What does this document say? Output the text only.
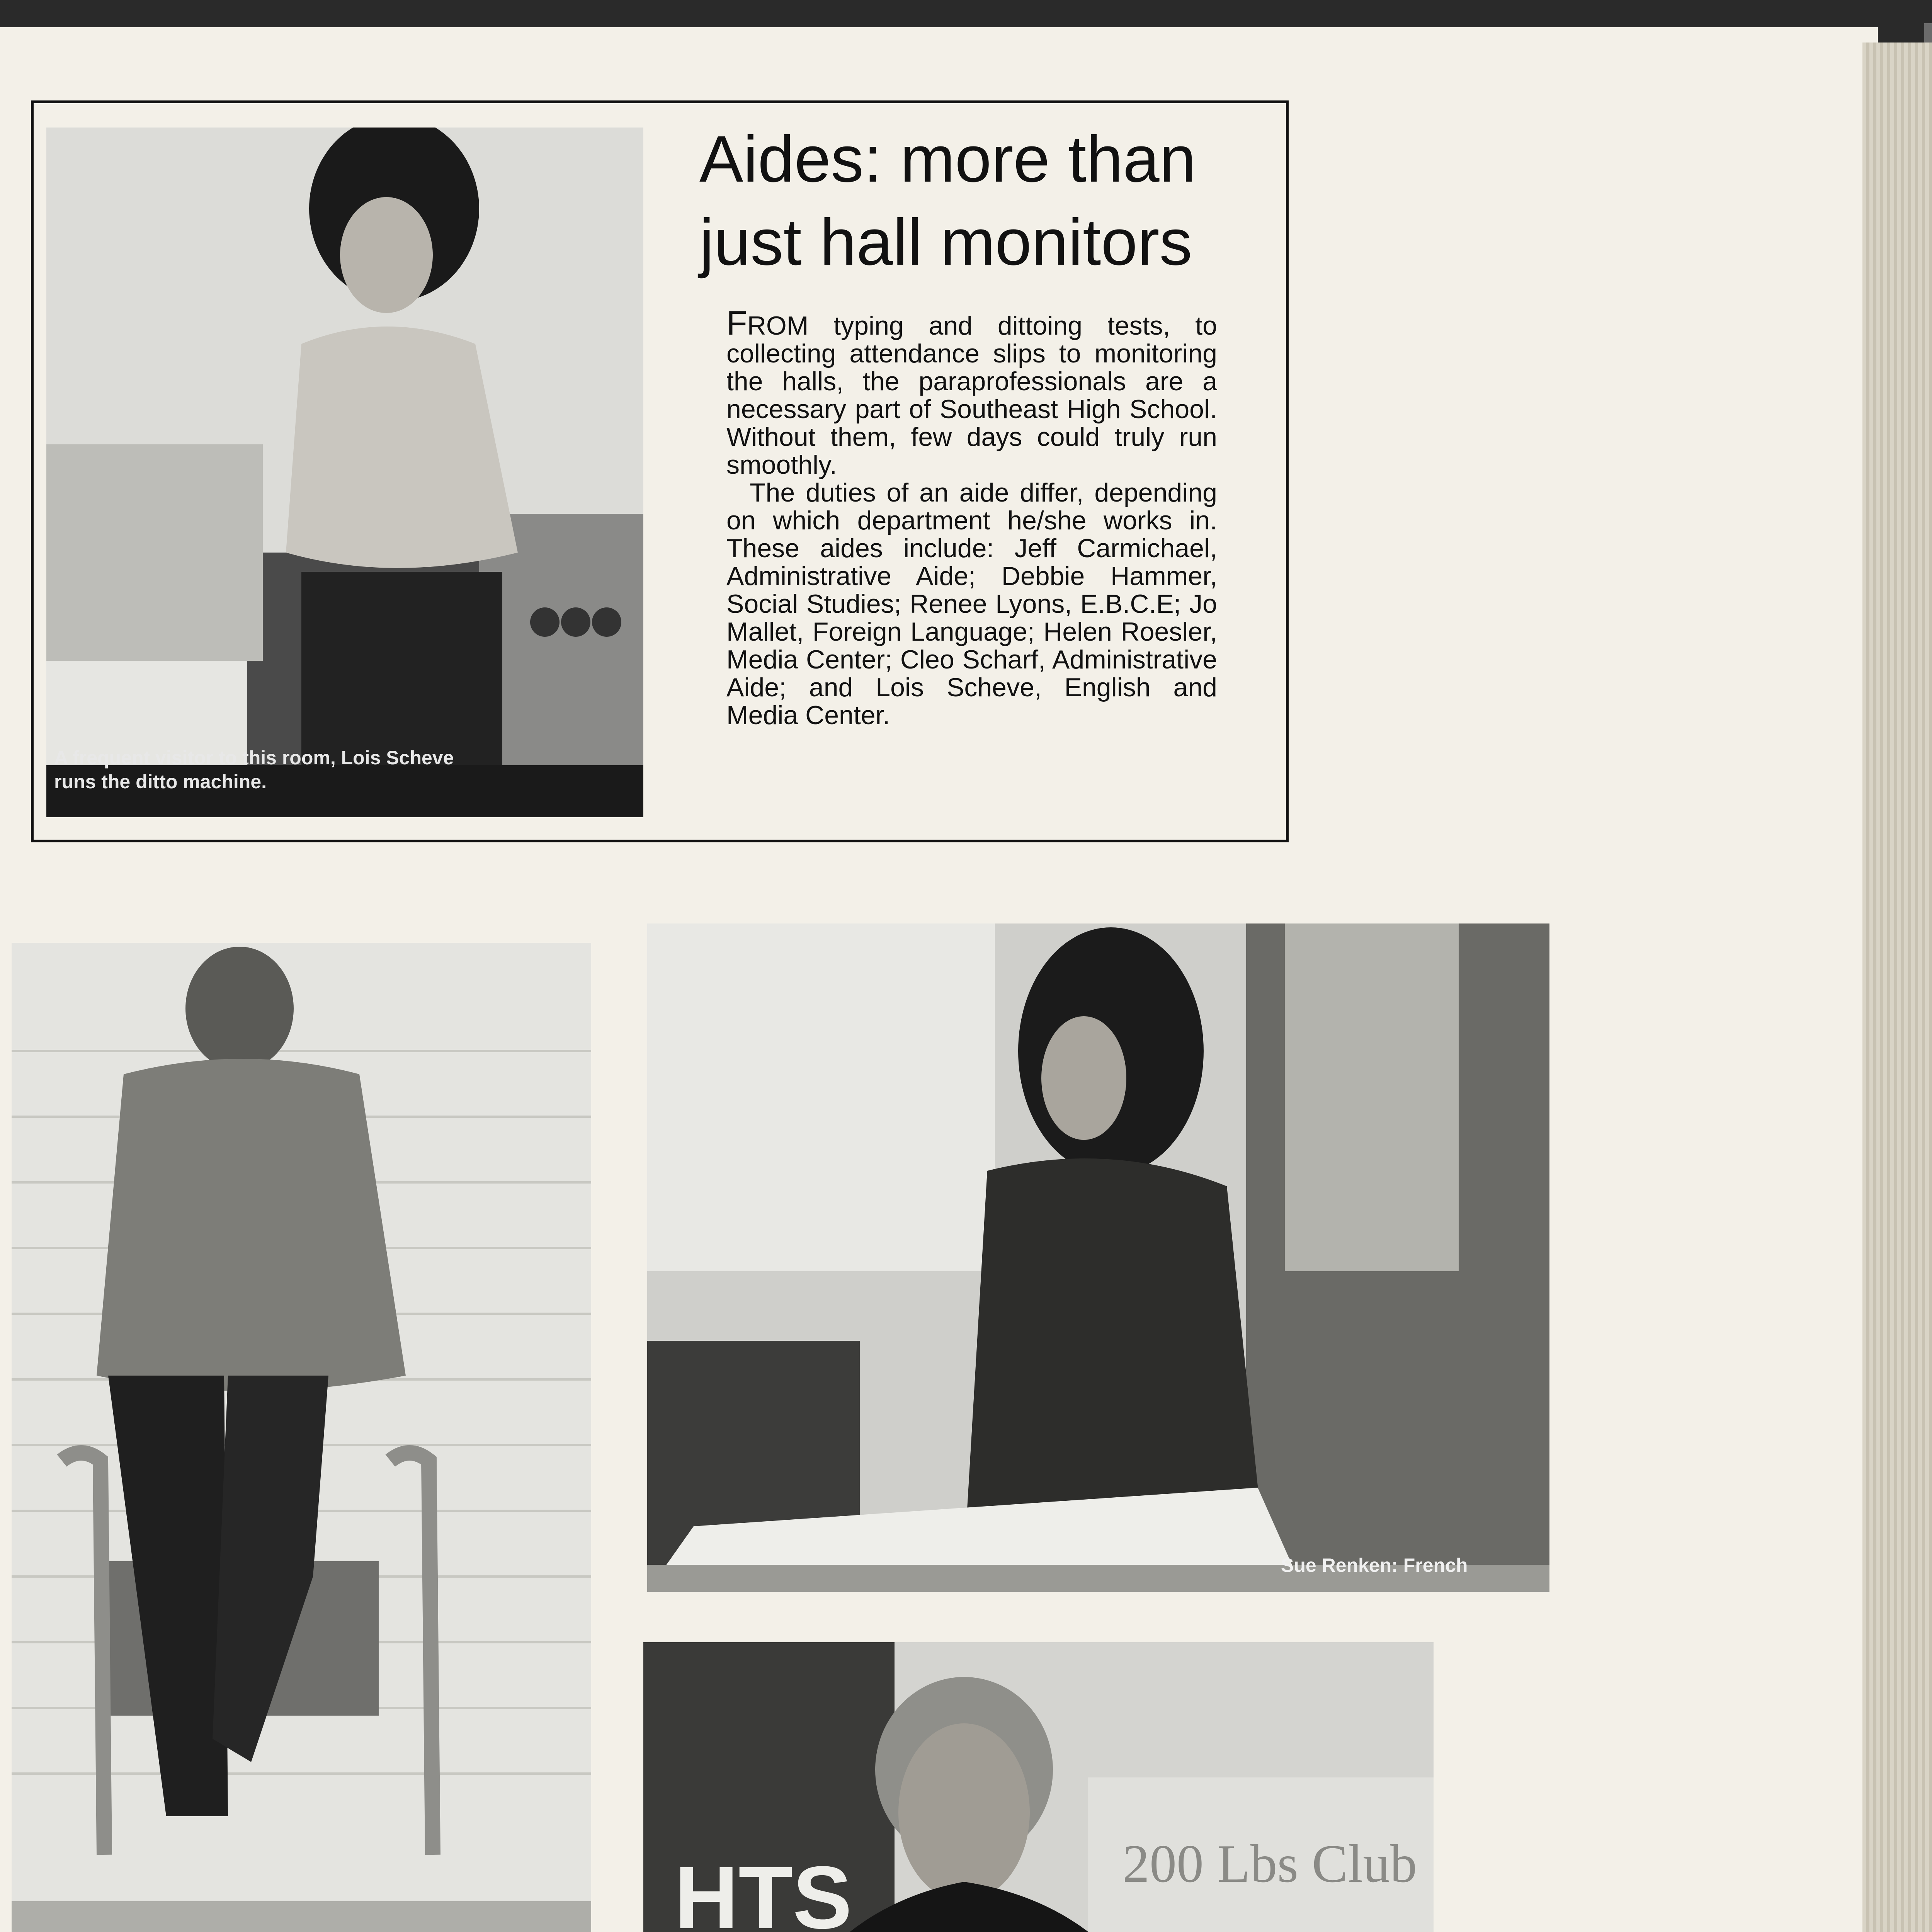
A frequent visitor to this room, Lois Scheve
runs the ditto machine.
Aides: more than
just hall monitors

FROM typing and dittoing tests, to collecting attendance slips to monitoring the halls, the paraprofessionals are a necessary part of Southeast High School. Without them, few days could truly run smoothly.

The duties of an aide differ, depending on which department he/she works in. These aides include: Jeff Carmichael, Administrative Aide; Debbie Hammer, Social Studies; Renee Lyons, E.B.C.E; Jo Mallet, Foreign Language; Helen Roesler, Media Center; Cleo Scharf, Administrative Aide; and Lois Scheve, English and Media Center.

Sue Renken: French
HTS	200 Lbs Club
